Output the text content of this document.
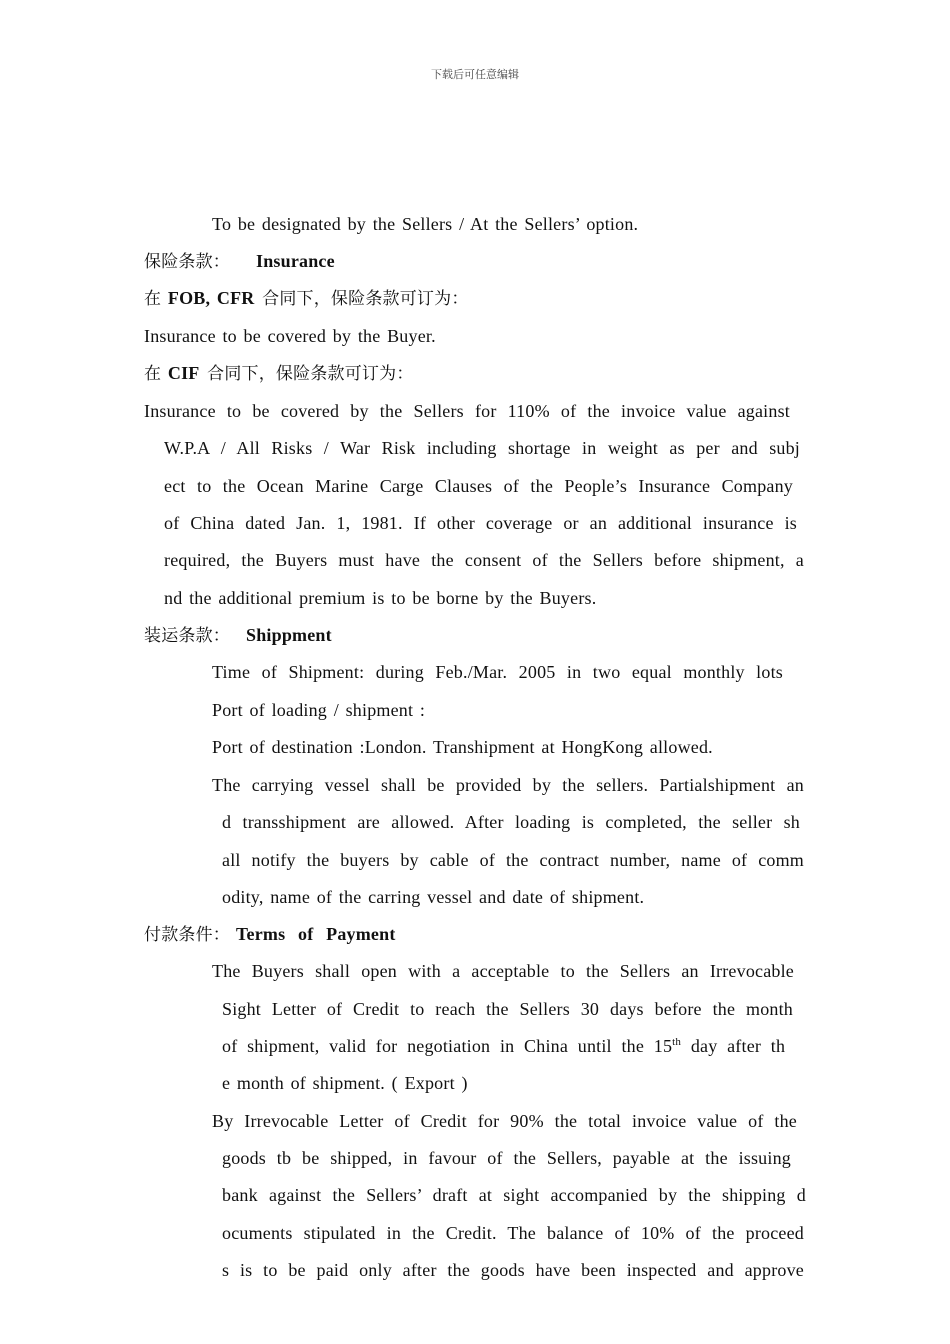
下载后可任意编辑
To be designated by the Sellers / At the Sellers’ option.
保险条款： Insurance
在 FOB, CFR 合同下，保险条款可订为：
Insurance to be covered by the Buyer.
在 CIF 合同下，保险条款可订为：
Insurance to be covered by the Sellers for 110% of the invoice value against
W.P.A / All Risks / War Risk including shortage in weight as per and subj
ect to the Ocean Marine Carge Clauses of the People’s Insurance Company
of China dated Jan. 1, 1981. If other coverage or an additional insurance is
required, the Buyers must have the consent of the Sellers before shipment, a
nd the additional premium is to be borne by the Buyers.
装运条款： Shippment
Time of Shipment: during Feb./Mar. 2005 in two equal monthly lots
Port of loading / shipment :
Port of destination :London. Transhipment at HongKong allowed.
The carrying vessel shall be provided by the sellers. Partialshipment an
d transshipment are allowed. After loading is completed, the seller sh
all notify the buyers by cable of the contract number, name of comm
odity, name of the carring vessel and date of shipment.
付款条件： Terms of Payment
The Buyers shall open with a acceptable to the Sellers an Irrevocable
Sight Letter of Credit to reach the Sellers 30 days before the month
of shipment, valid for negotiation in China until the 15th day after th
e month of shipment. ( Export )
By Irrevocable Letter of Credit for 90% the total invoice value of the
goods tb be shipped, in favour of the Sellers, payable at the issuing
bank against the Sellers’ draft at sight accompanied by the shipping d
ocuments stipulated in the Credit. The balance of 10% of the proceed
s is to be paid only after the goods have been inspected and approve
